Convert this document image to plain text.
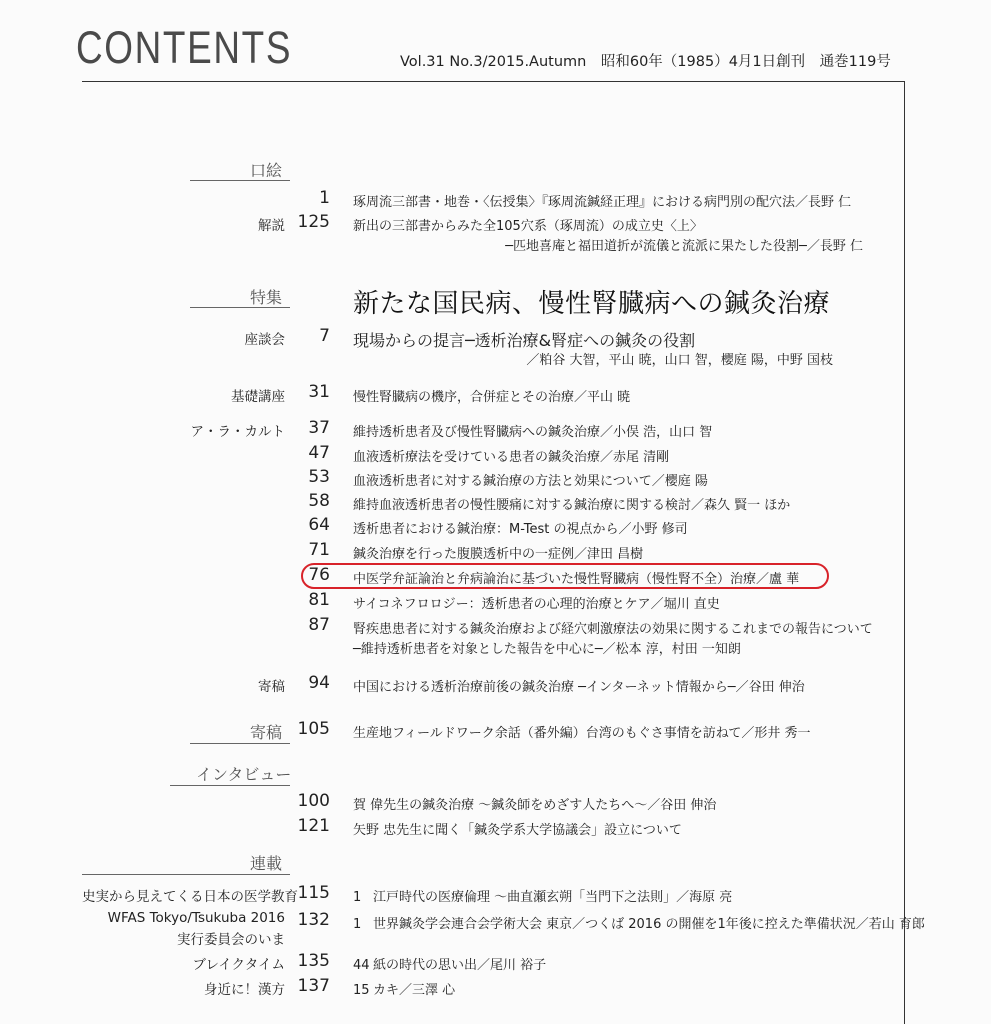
CONTENTS	Vol.31 No.3/2015.Autumn　昭和60年（1985）4月1日創刊　通巻119号
口絵
1 琢周流三部書・地巻・〈伝授集〉『琢周流鍼経正理』における病門別の配穴法／長野 仁
解説 125 新出の三部書からみた全105穴系（琢周流）の成立史〈上〉
─匹地喜庵と福田道折が流儀と流派に果たした役割─／長野 仁
特集	新たな国民病、慢性腎臓病への鍼灸治療
座談会	7 現場からの提言─透析治療&腎症への鍼灸の役割
／粕谷 大智，平山 暁，山口 智，櫻庭 陽，中野 国枝
基礎講座	31 慢性腎臓病の機序，合併症とその治療／平山 暁
ア・ラ・カルト	37 維持透析患者及び慢性腎臓病への鍼灸治療／小俣 浩，山口 智
47 血液透析療法を受けている患者の鍼灸治療／赤尾 清剛
53 血液透析患者に対する鍼治療の方法と効果について／櫻庭 陽
58 維持血液透析患者の慢性腰痛に対する鍼治療に関する検討／森久 賢一 ほか
64 透析患者における鍼治療：M-Test の視点から／小野 修司
71 鍼灸治療を行った腹膜透析中の一症例／津田 昌樹
76 中医学弁証論治と弁病論治に基づいた慢性腎臓病（慢性腎不全）治療／盧 華
81 サイコネフロロジー：透析患者の心理的治療とケア／堀川 直史
87 腎疾患患者に対する鍼灸治療および経穴刺激療法の効果に関するこれまでの報告について
─維持透析患者を対象とした報告を中心に─／松本 淳，村田 一知朗
寄稿	94 中国における透析治療前後の鍼灸治療 ─インターネット情報から─／谷田 伸治
寄稿 105 生産地フィールドワーク余話（番外編）台湾のもぐさ事情を訪ねて／形井 秀一
インタビュー
100 賀 偉先生の鍼灸治療 〜鍼灸師をめざす人たちへ〜／谷田 伸治
121 矢野 忠先生に聞く「鍼灸学系大学協議会」設立について
連載
史実から見えてくる日本の医学教育 115 1 江戸時代の医療倫理 〜曲直瀬玄朔「当門下之法則」／海原 亮
WFAS Tokyo/Tsukuba 2016
実行委員会のいま
132 1 世界鍼灸学会連合会学術大会 東京／つくば 2016 の開催を1年後に控えた準備状況／若山 育郎
ブレイクタイム 135 44 紙の時代の思い出／尾川 裕子
身近に！漢方 137 15 カキ／三澤 心
